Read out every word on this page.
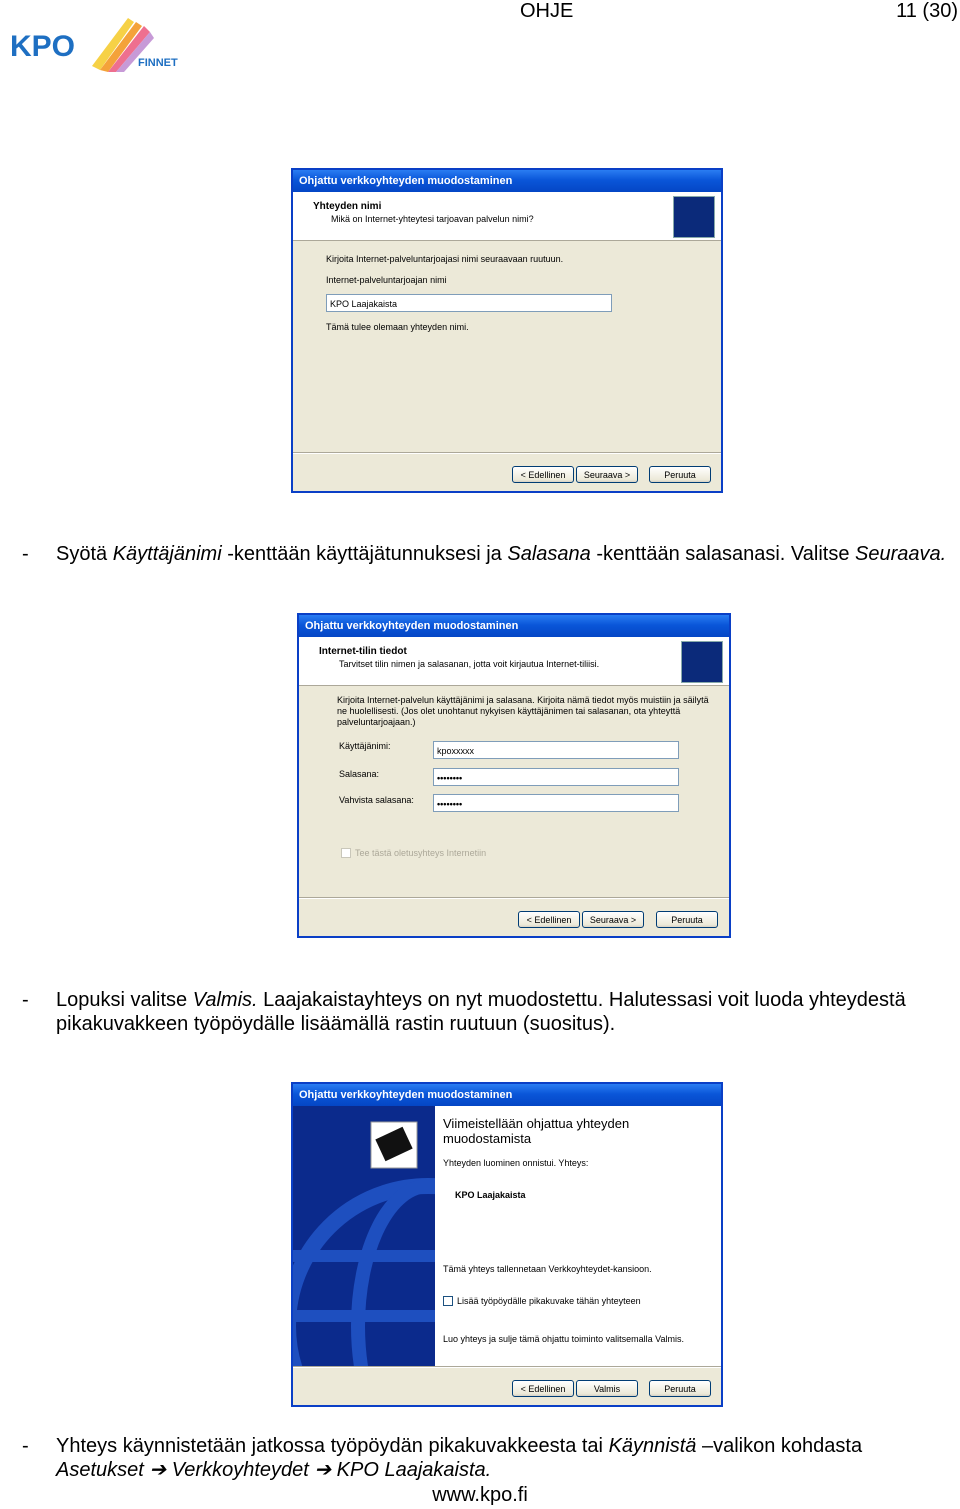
KPO	FINNET
OHJE	11 (30)
Ohjattu verkkoyhteyden muodostaminen
Yhteyden nimi
Mikä on Internet-yhteytesi tarjoavan palvelun nimi?
Kirjoita Internet-palveluntarjoajasi nimi seuraavaan ruutuun.
Internet-palveluntarjoajan nimi
KPO Laajakaista
Tämä tulee olemaan yhteyden nimi.
< Edellinen	Seuraava >	Peruuta
- Syötä Käyttäjänimi -kenttään käyttäjätunnuksesi ja Salasana -kenttään salasanasi. Valitse Seuraava.
Ohjattu verkkoyhteyden muodostaminen
Internet-tilin tiedot
Tarvitset tilin nimen ja salasanan, jotta voit kirjautua Internet-tiliisi.
Kirjoita Internet-palvelun käyttäjänimi ja salasana. Kirjoita nämä tiedot myös muistiin ja säilytä ne huolellisesti. (Jos olet unohtanut nykyisen käyttäjänimen tai salasanan, ota yhteyttä palveluntarjoajaan.)
Käyttäjänimi:	kpoxxxxx
Salasana:	••••••••
Vahvista salasana:	••••••••
Tee tästä oletusyhteys Internetiin
< Edellinen	Seuraava >	Peruuta
- Lopuksi valitse Valmis. Laajakaistayhteys on nyt muodostettu. Halutessasi voit luoda yhteydestä pikakuvakkeen työpöydälle lisäämällä rastin ruutuun (suositus).
Ohjattu verkkoyhteyden muodostaminen
Viimeistellään ohjattua yhteyden muodostamista
Yhteyden luominen onnistui. Yhteys:
KPO Laajakaista
Tämä yhteys tallennetaan Verkkoyhteydet-kansioon.
Lisää työpöydälle pikakuvake tähän yhteyteen
Luo yhteys ja sulje tämä ohjattu toiminto valitsemalla Valmis.
< Edellinen	Valmis	Peruuta
- Yhteys käynnistetään jatkossa työpöydän pikakuvakkeesta tai Käynnistä –valikon kohdasta Asetukset ➔ Verkkoyhteydet ➔ KPO Laajakaista.
www.kpo.fi
